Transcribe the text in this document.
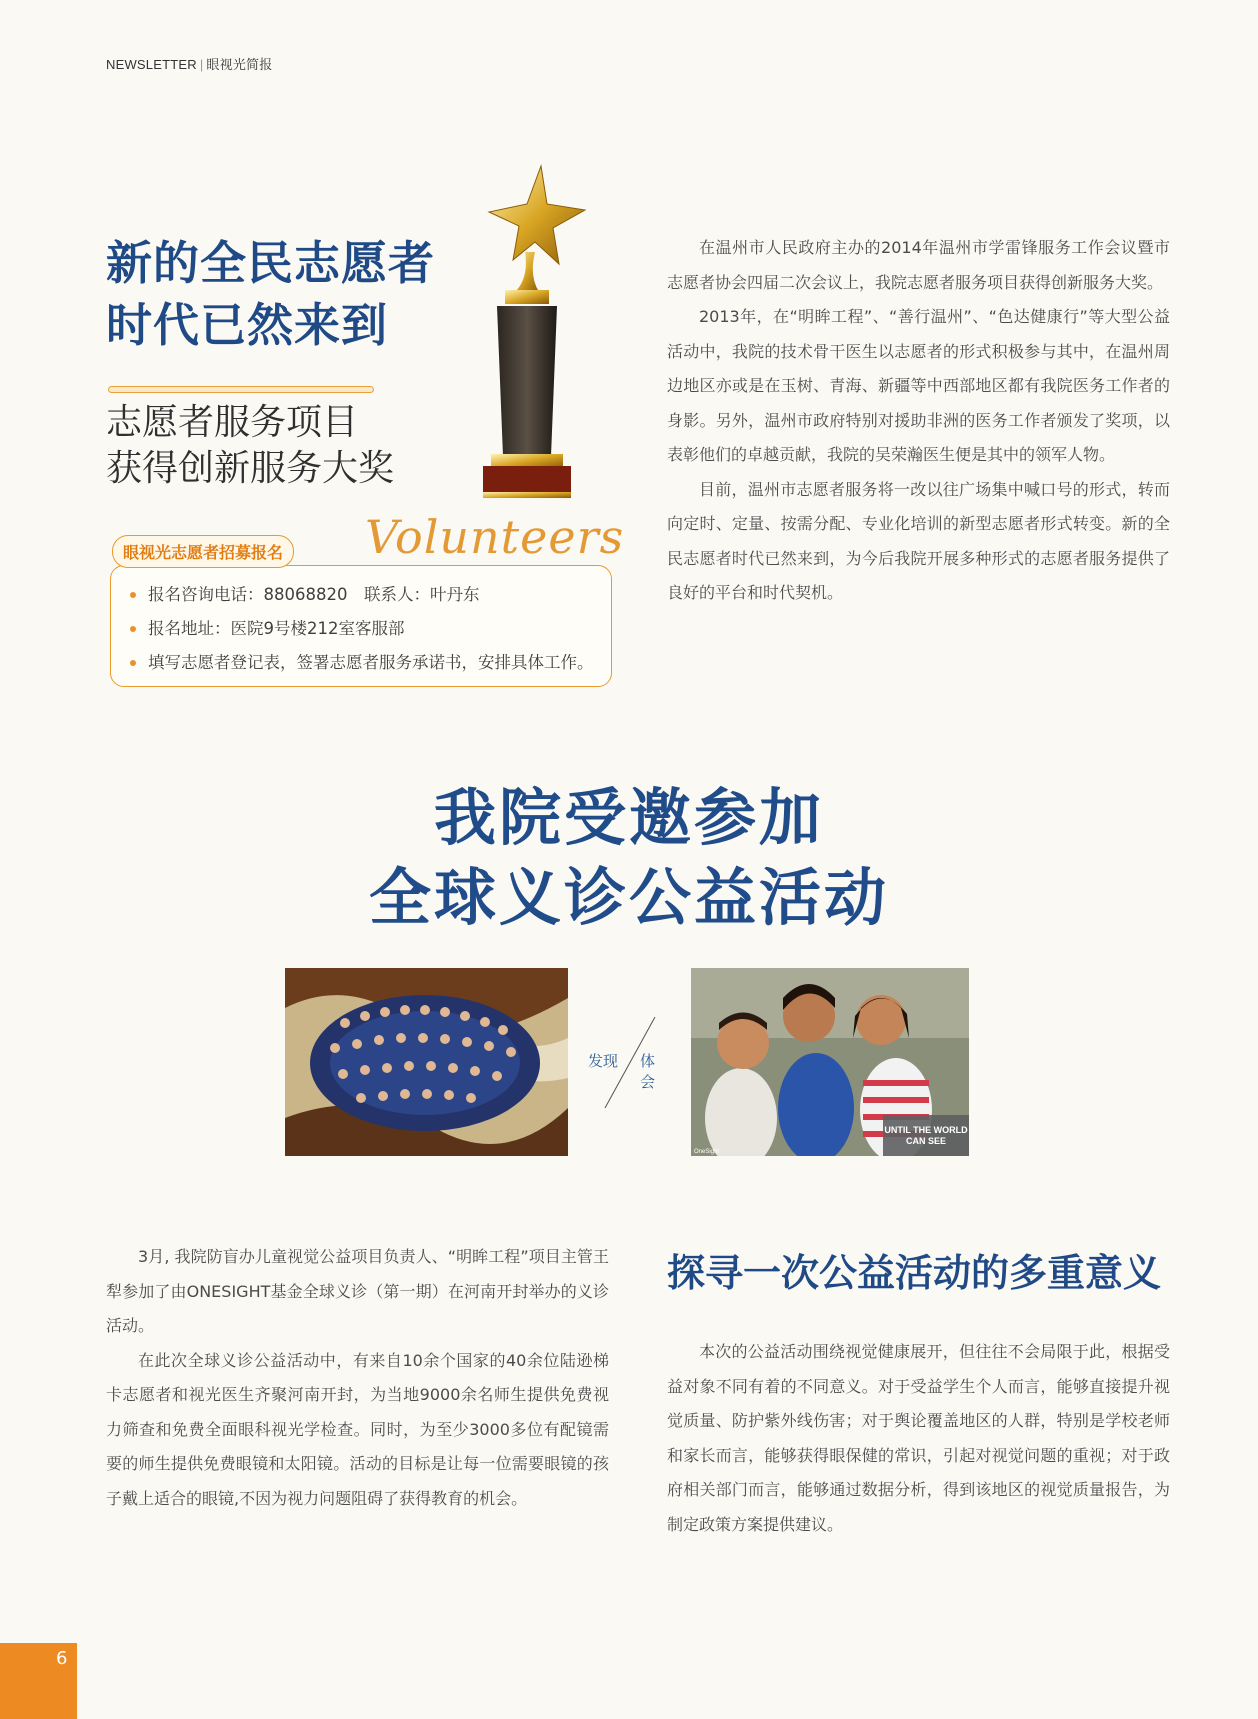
NEWSLETTER | 眼视光简报
新的全民志愿者
时代已然来到
志愿者服务项目
获得创新服务大奖
Volunteers
眼视光志愿者招募报名
报名咨询电话：88068820　联系人：叶丹东
报名地址：医院9号楼212室客服部
填写志愿者登记表，签署志愿者服务承诺书，安排具体工作。

在温州市人民政府主办的2014年温州市学雷锋服务工作会议暨市志愿者协会四届二次会议上，我院志愿者服务项目获得创新服务大奖。

2013年，在“明眸工程”、“善行温州”、“色达健康行”等大型公益活动中，我院的技术骨干医生以志愿者的形式积极参与其中，在温州周边地区亦或是在玉树、青海、新疆等中西部地区都有我院医务工作者的身影。另外，温州市政府特别对援助非洲的医务工作者颁发了奖项，以表彰他们的卓越贡献，我院的吴荣瀚医生便是其中的领军人物。

目前，温州市志愿者服务将一改以往广场集中喊口号的形式，转而向定时、定量、按需分配、专业化培训的新型志愿者形式转变。新的全民志愿者时代已然来到，为今后我院开展多种形式的志愿者服务提供了良好的平台和时代契机。

我院受邀参加
全球义诊公益活动
发现 体会
UNTIL THE WORLD
CAN SEE
OneSight

3月, 我院防盲办儿童视觉公益项目负责人、“明眸工程”项目主管王犁参加了由ONESIGHT基金全球义诊（第一期）在河南开封举办的义诊活动。

在此次全球义诊公益活动中，有来自10余个国家的40余位陆逊梯卡志愿者和视光医生齐聚河南开封，为当地9000余名师生提供免费视力筛查和免费全面眼科视光学检查。同时，为至少3000多位有配镜需要的师生提供免费眼镜和太阳镜。活动的目标是让每一位需要眼镜的孩子戴上适合的眼镜,不因为视力问题阻碍了获得教育的机会。

探寻一次公益活动的多重意义

本次的公益活动围绕视觉健康展开，但往往不会局限于此，根据受益对象不同有着的不同意义。对于受益学生个人而言，能够直接提升视觉质量、防护紫外线伤害；对于舆论覆盖地区的人群，特别是学校老师和家长而言，能够获得眼保健的常识，引起对视觉问题的重视；对于政府相关部门而言，能够通过数据分析，得到该地区的视觉质量报告，为制定政策方案提供建议。

6
